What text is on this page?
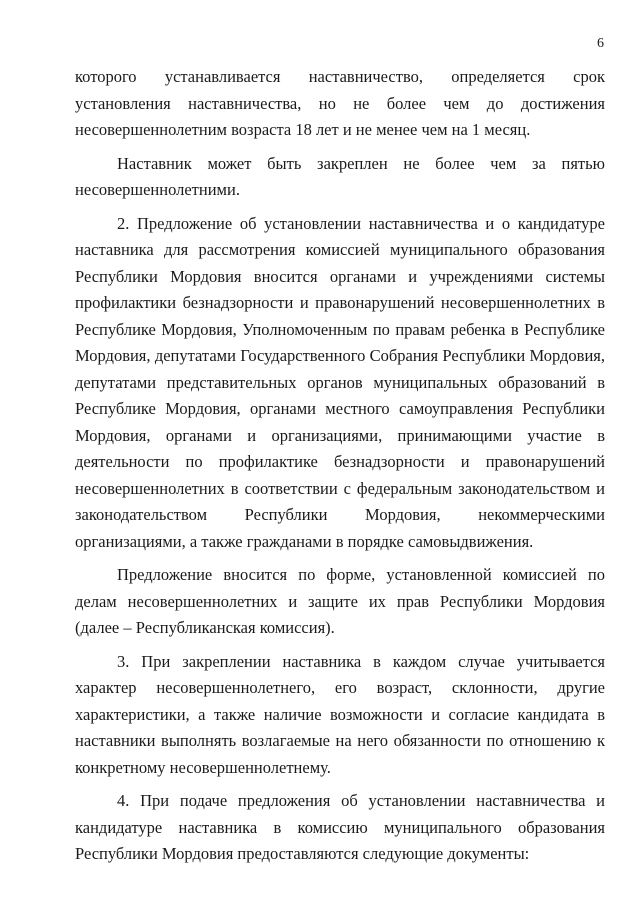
6

которого устанавливается наставничество, определяется срок установления наставничества, но не более чем до достижения несовершеннолетним возраста 18 лет и не менее чем на 1 месяц.

Наставник может быть закреплен не более чем за пятью несовершеннолетними.

2. Предложение об установлении наставничества и о кандидатуре наставника для рассмотрения комиссией муниципального образования Республики Мордовия вносится органами и учреждениями системы профилактики безнадзорности и правонарушений несовершеннолетних в Республике Мордовия, Уполномоченным по правам ребенка в Республике Мордовия, депутатами Государственного Собрания Республики Мордовия, депутатами представительных органов муниципальных образований в Республике Мордовия, органами местного самоуправления Республики Мордовия, органами и организациями, принимающими участие в деятельности по профилактике безнадзорности и правонарушений несовершеннолетних в соответствии с федеральным законодательством и законодательством Республики Мордовия, некоммерческими организациями, а также гражданами в порядке самовыдвижения.

Предложение вносится по форме, установленной комиссией по делам несовершеннолетних и защите их прав Республики Мордовия (далее – Республиканская комиссия).

3. При закреплении наставника в каждом случае учитывается характер несовершеннолетнего, его возраст, склонности, другие характеристики, а также наличие возможности и согласие кандидата в наставники выполнять возлагаемые на него обязанности по отношению к конкретному несовершеннолетнему.

4. При подаче предложения об установлении наставничества и кандидатуре наставника в комиссию муниципального образования Республики Мордовия предоставляются следующие документы:
